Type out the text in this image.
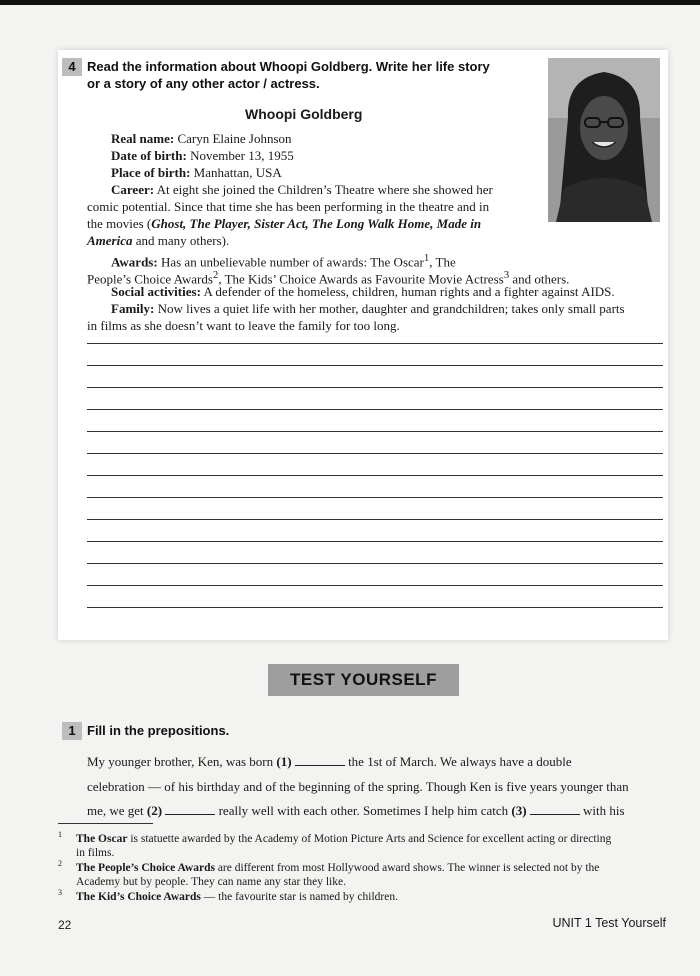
4 Read the information about Whoopi Goldberg. Write her life story
or a story of any other actor / actress.
Whoopi Goldberg
Real name: Caryn Elaine Johnson
Date of birth: November 13, 1955
Place of birth: Manhattan, USA
Career: At eight she joined the Children’s Theatre where she showed her
comic potential. Since that time she has been performing in the theatre and in
the movies (Ghost, The Player, Sister Act, The Long Walk Home, Made in
America and many others).
Awards: Has an unbelievable number of awards: The Oscar$^1$, The
People’s Choice Awards$^2$, The Kids’ Choice Awards as Favourite Movie Actress$^3$ and others.
Social activities: A defender of the homeless, children, human rights and a fighter against AIDS.
Family: Now lives a quiet life with her mother, daughter and grandchildren; takes only small parts
in films as she doesn’t want to leave the family for too long.
TEST YOURSELF
1 Fill in the prepositions.
My younger brother, Ken, was born (1)	the 1st of March. We always have a double
celebration — of his birthday and of the beginning of the spring. Though Ken is five years younger than
me, we get (2)	really well with each other. Sometimes I help him catch (3)	with his
$^1$ The Oscar is statuette awarded by the Academy of Motion Picture Arts and Science for excellent acting or directing
in films.
$^2$ The People’s Choice Awards are different from most Hollywood award shows. The winner is selected not by the
Academy but by people. They can name any star they like.
$^3$ The Kid’s Choice Awards — the favourite star is named by children.
22	UNIT 1 Test Yourself
